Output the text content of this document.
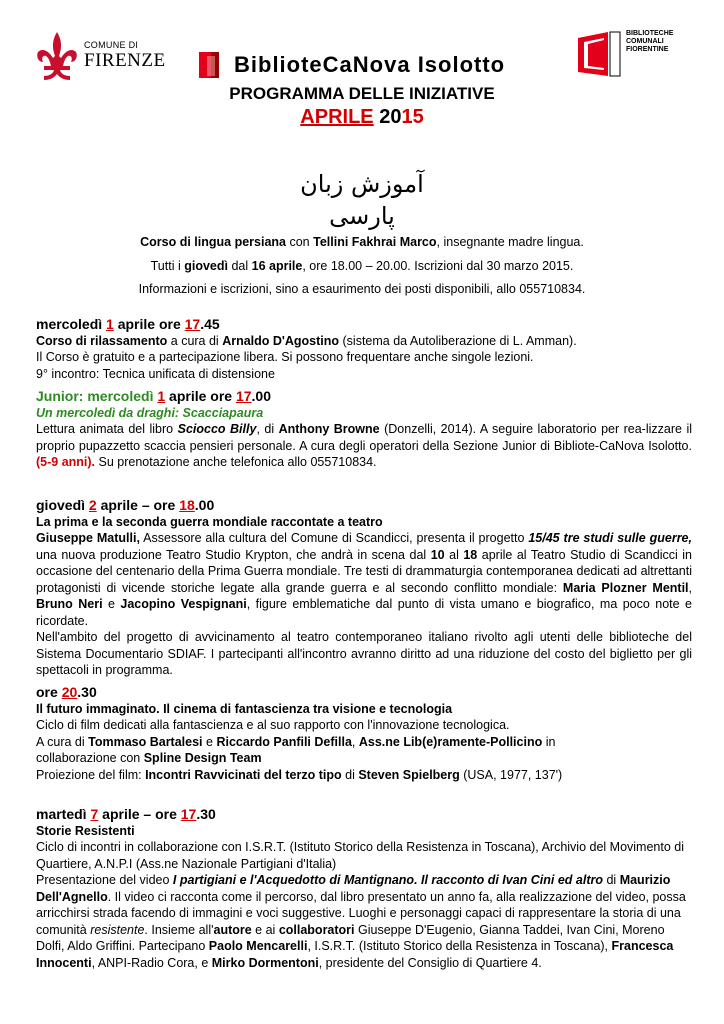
COMUNE DI
FIRENZE	BiblioteCaNova Isolotto
BIBLIOTECHE COMUNALI FIORENTINE
PROGRAMMA DELLE INIZIATIVE
APRILE 2015
آموزش زبان
پارسی
Corso di lingua persiana con Tellini Fakhrai Marco, insegnante madre lingua.
Tutti i giovedì dal 16 aprile, ore 18.00 – 20.00. Iscrizioni dal 30 marzo 2015.
Informazioni e iscrizioni, sino a esaurimento dei posti disponibili, allo 055710834.
mercoledì 1 aprile ore 17.45
Corso di rilassamento a cura di Arnaldo D'Agostino (sistema da Autoliberazione di L. Amman).
Il Corso è gratuito e a partecipazione libera. Si possono frequentare anche singole lezioni.
9° incontro: Tecnica unificata di distensione
Junior: mercoledì 1 aprile ore 17.00
Un mercoledì da draghi: Scacciapaura
Lettura animata del libro Sciocco Billy, di Anthony Browne (Donzelli, 2014). A seguire laboratorio per rea-lizzare il proprio pupazzetto scaccia pensieri personale. A cura degli operatori della Sezione Junior di Bibliote-CaNova Isolotto. (5-9 anni). Su prenotazione anche telefonica allo 055710834.
giovedì 2 aprile – ore 18.00
La prima e la seconda guerra mondiale raccontate a teatro
Giuseppe Matulli, Assessore alla cultura del Comune di Scandicci, presenta il progetto 15/45 tre studi sulle guerre, una nuova produzione Teatro Studio Krypton, che andrà in scena dal 10 al 18 aprile al Teatro Studio di Scandicci in occasione del centenario della Prima Guerra mondiale. Tre testi di drammaturgia contemporanea dedicati ad altrettanti protagonisti di vicende storiche legate alla grande guerra e al secondo conflitto mondiale: Maria Plozner Mentil, Bruno Neri e Jacopino Vespignani, figure emblematiche dal punto di vista umano e biografico, ma poco note e ricordate.
Nell'ambito del progetto di avvicinamento al teatro contemporaneo italiano rivolto agli utenti delle biblioteche del Sistema Documentario SDIAF. I partecipanti all'incontro avranno diritto ad una riduzione del costo del biglietto per gli spettacoli in programma.
ore 20.30
Il futuro immaginato. Il cinema di fantascienza tra visione e tecnologia
Ciclo di film dedicati alla fantascienza e al suo rapporto con l'innovazione tecnologica.
A cura di Tommaso Bartalesi e Riccardo Panfili Defilla, Ass.ne Lib(e)ramente-Pollicino in
collaborazione con Spline Design Team
Proiezione del film: Incontri Ravvicinati del terzo tipo di Steven Spielberg (USA, 1977, 137')
martedì 7 aprile – ore 17.30
Storie Resistenti
Ciclo di incontri in collaborazione con I.S.R.T. (Istituto Storico della Resistenza in Toscana), Archivio del Movimento di Quartiere, A.N.P.I (Ass.ne Nazionale Partigiani d'Italia)
Presentazione del video I partigiani e l'Acquedotto di Mantignano. Il racconto di Ivan Cini ed altro di Maurizio Dell'Agnello. Il video ci racconta come il percorso, dal libro presentato un anno fa, alla realizzazione del video, possa arricchirsi strada facendo di immagini e voci suggestive. Luoghi e personaggi capaci di rappresentare la storia di una comunità resistente. Insieme all'autore e ai collaboratori Giuseppe D'Eugenio, Gianna Taddei, Ivan Cini, Moreno Dolfi, Aldo Griffini. Partecipano Paolo Mencarelli, I.S.R.T. (Istituto Storico della Resistenza in Toscana), Francesca Innocenti, ANPI-Radio Cora, e Mirko Dormentoni, presidente del Consiglio di Quartiere 4.
